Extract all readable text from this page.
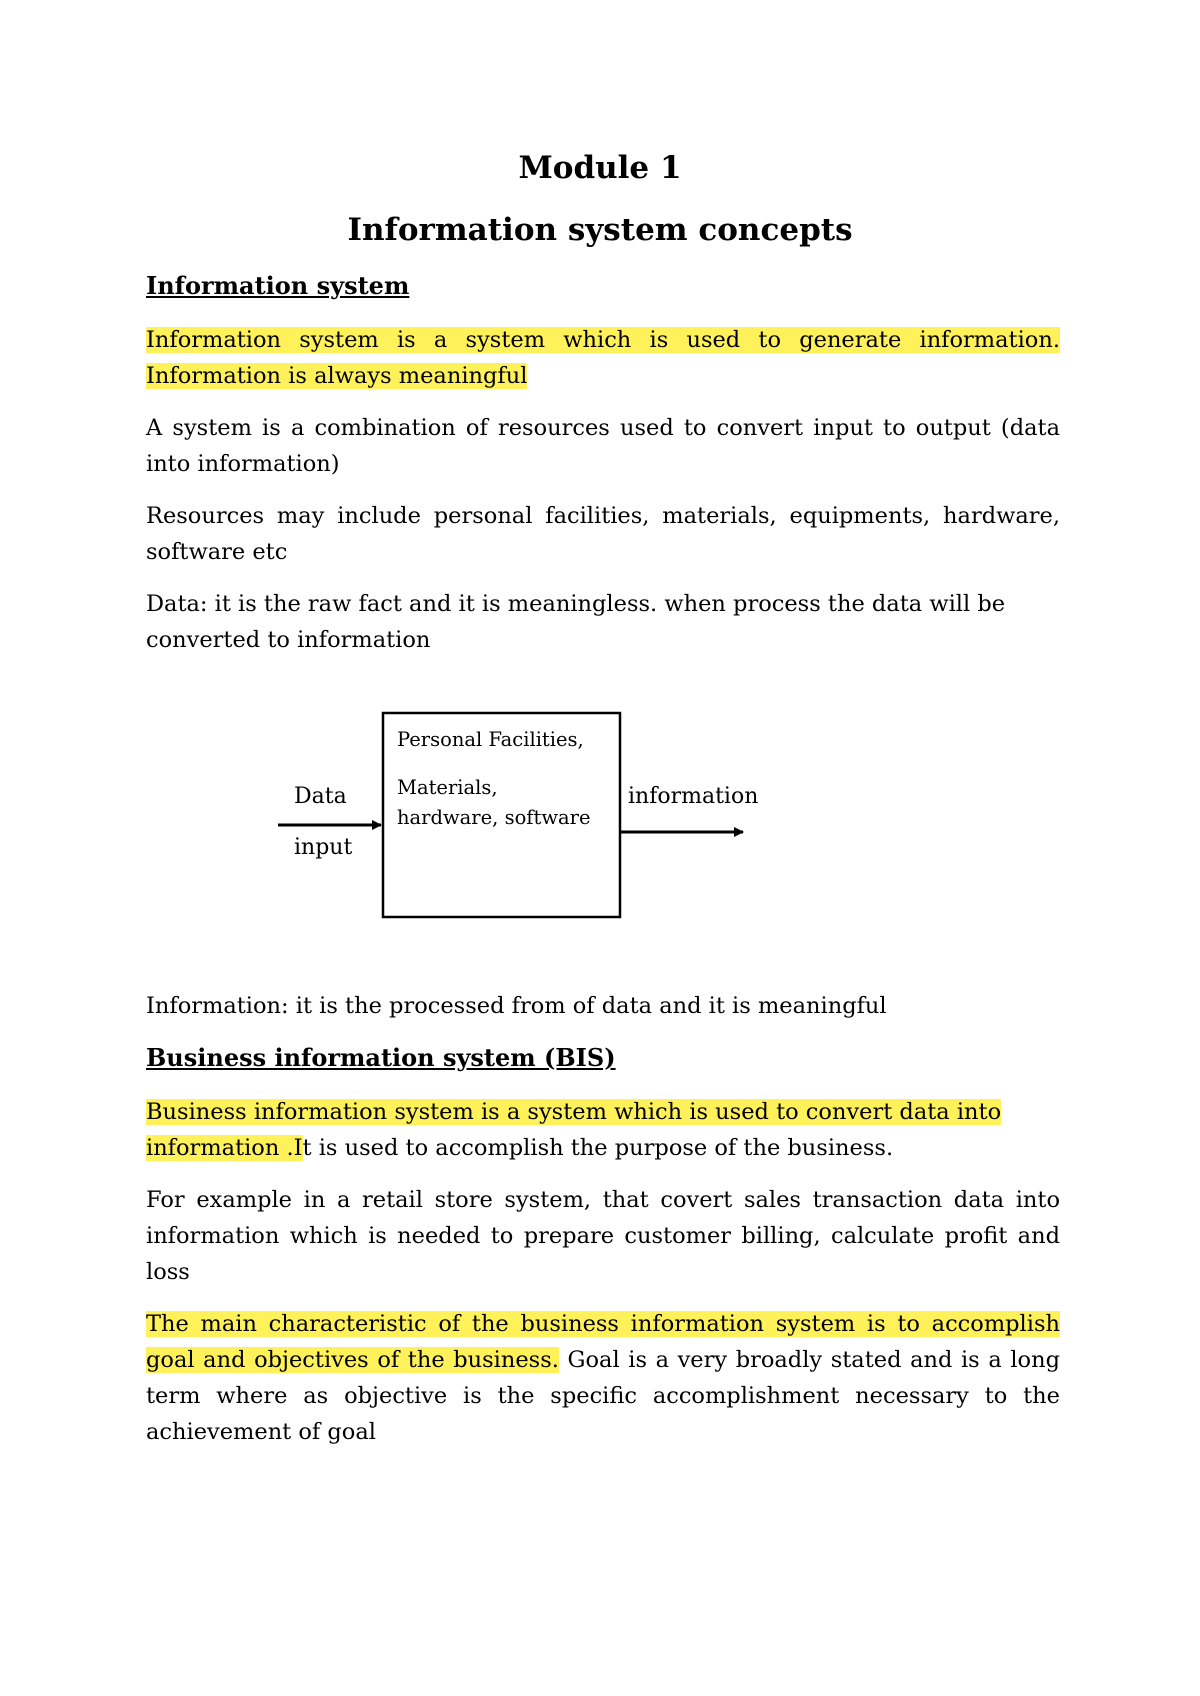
Module 1
Information system concepts
Information system

Information system is a system which is used to generate information. Information is always meaningful

A system is a combination of resources used to convert input to output (data into information)

Resources may include personal facilities, materials, equipments, hardware, software etc

Data: it is the raw fact and it is meaningless. when process the data will be converted to information

Data
input
Personal Facilities,
Materials,
hardware, software
information

Information: it is the processed from of data and it is meaningful

Business information system (BIS)

Business information system is a system which is used to convert data into information .It is used to accomplish the purpose of the business.

For example in a retail store system, that covert sales transaction data into information which is needed to prepare customer billing, calculate profit and loss

The main characteristic of the business information system is to accomplish goal and objectives of the business. Goal is a very broadly stated and is a long term where as objective is the specific accomplishment necessary to the achievement of goal
